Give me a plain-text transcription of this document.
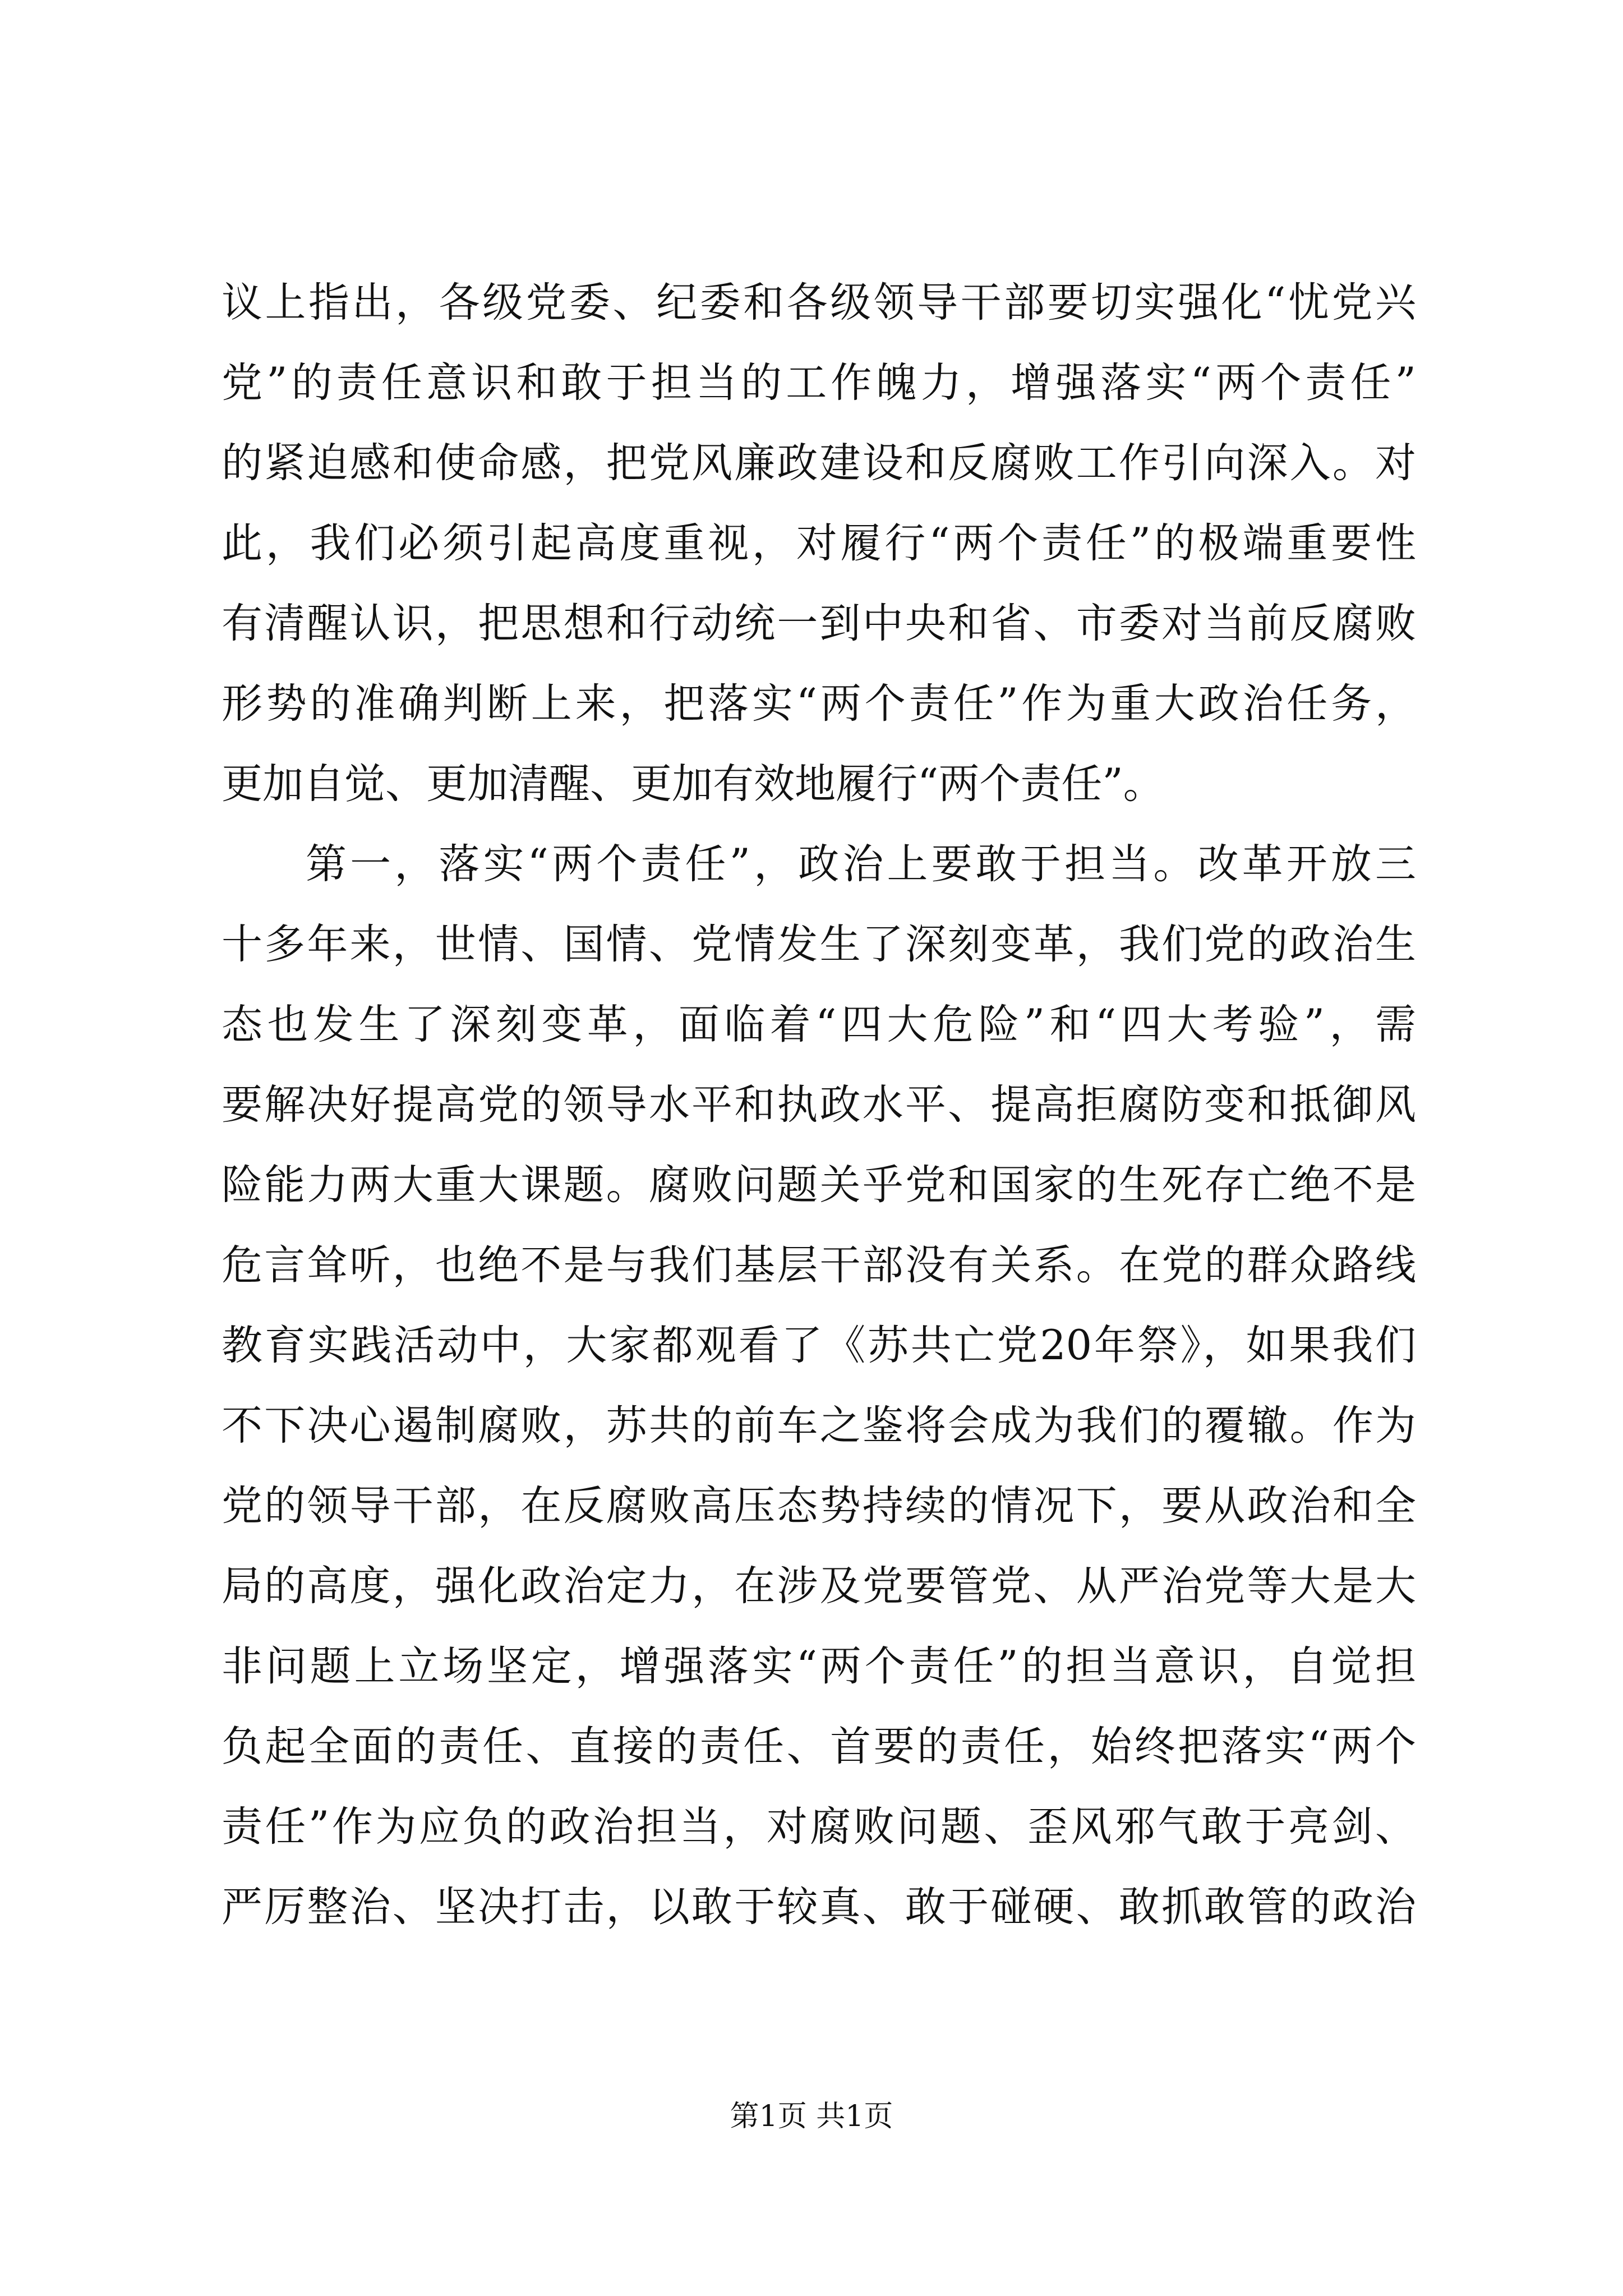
议上指出，各级党委、纪委和各级领导干部要切实强化“忧党兴
党”的责任意识和敢于担当的工作魄力，增强落实“两个责任”
的紧迫感和使命感，把党风廉政建设和反腐败工作引向深入。对
此，我们必须引起高度重视，对履行“两个责任”的极端重要性
有清醒认识，把思想和行动统一到中央和省、市委对当前反腐败
形势的准确判断上来，把落实“两个责任”作为重大政治任务，
更加自觉、更加清醒、更加有效地履行“两个责任”。
第一，落实“两个责任”，政治上要敢于担当。改革开放三
十多年来，世情、国情、党情发生了深刻变革，我们党的政治生
态也发生了深刻变革，面临着“四大危险”和“四大考验”，需
要解决好提高党的领导水平和执政水平、提高拒腐防变和抵御风
险能力两大重大课题。腐败问题关乎党和国家的生死存亡绝不是
危言耸听，也绝不是与我们基层干部没有关系。在党的群众路线
教育实践活动中，大家都观看了《苏共亡党20年祭》，如果我们
不下决心遏制腐败，苏共的前车之鉴将会成为我们的覆辙。作为
党的领导干部，在反腐败高压态势持续的情况下，要从政治和全
局的高度，强化政治定力，在涉及党要管党、从严治党等大是大
非问题上立场坚定，增强落实“两个责任”的担当意识，自觉担
负起全面的责任、直接的责任、首要的责任，始终把落实“两个
责任”作为应负的政治担当，对腐败问题、歪风邪气敢于亮剑、
严厉整治、坚决打击，以敢于较真、敢于碰硬、敢抓敢管的政治
第1页 共1页
